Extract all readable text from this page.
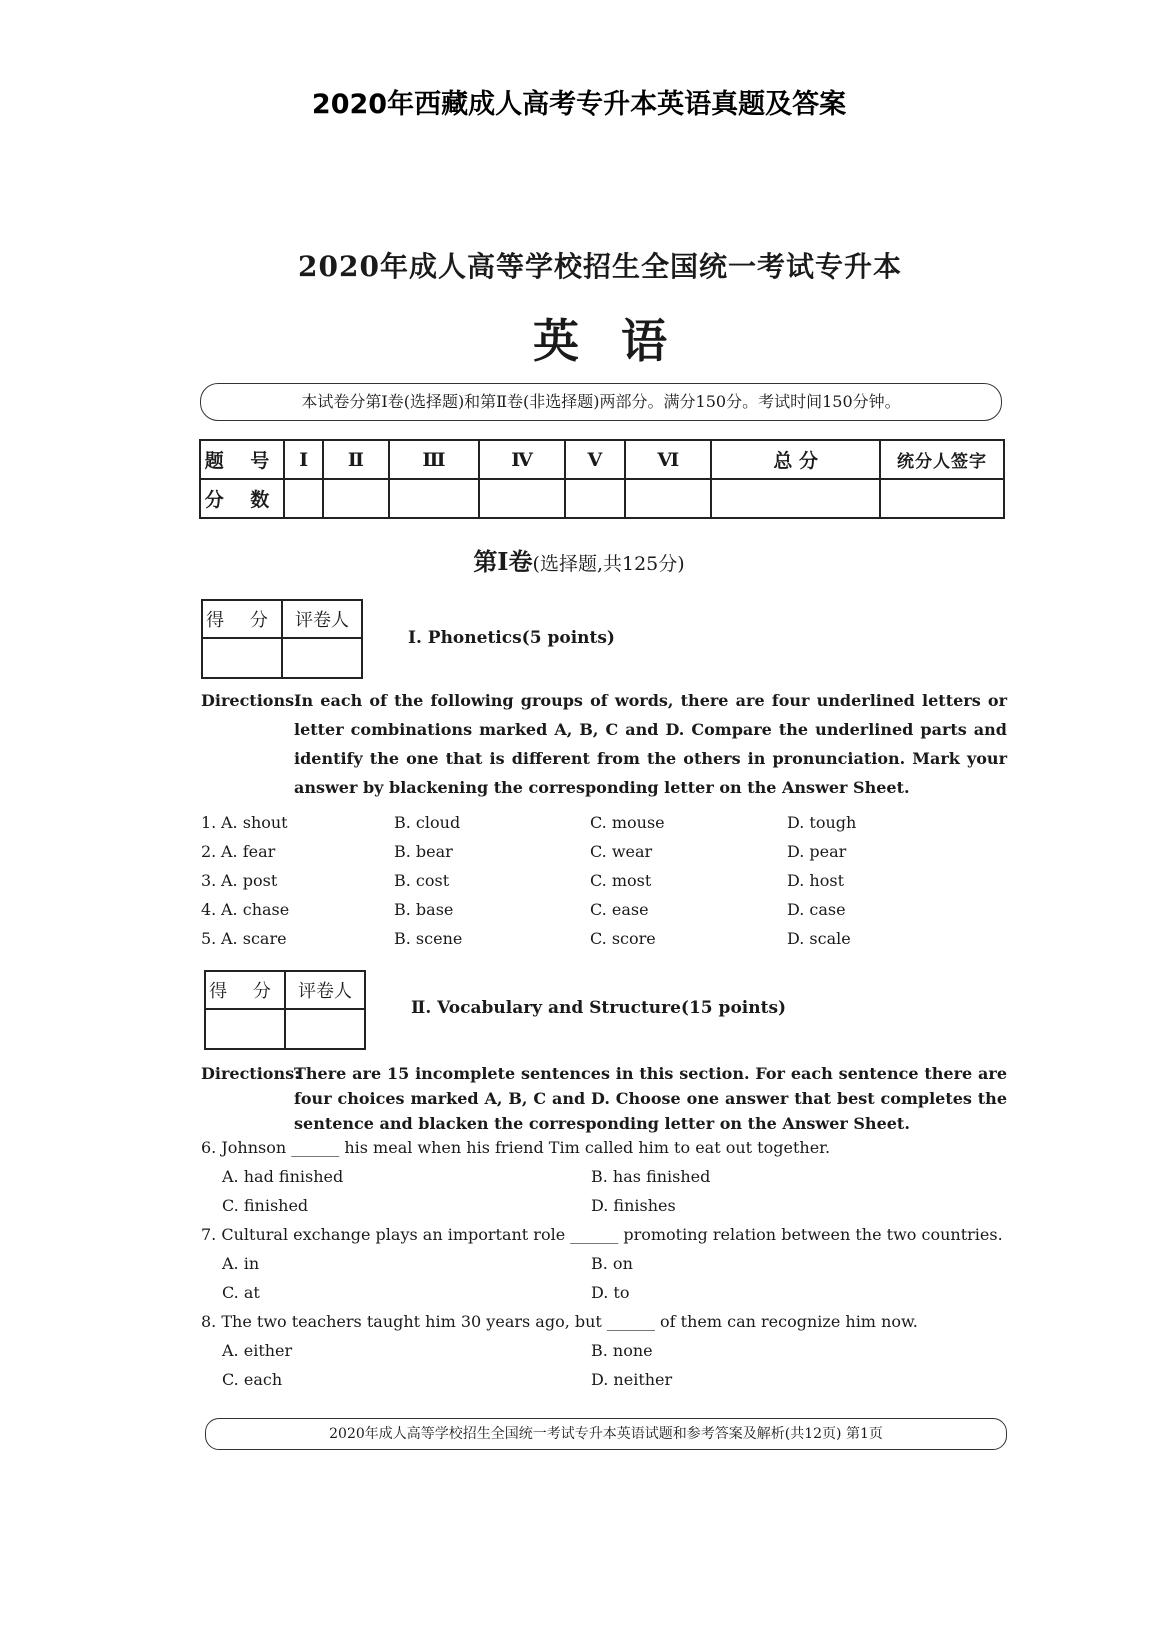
2020年西藏成人高考专升本英语真题及答案
2020年成人高等学校招生全国统一考试专升本
英语
本试卷分第Ⅰ卷(选择题)和第Ⅱ卷(非选择题)两部分。满分150分。考试时间150分钟。
题 号	Ⅰ	Ⅱ	Ⅲ	Ⅳ	Ⅴ	Ⅵ	总 分	统分人签字
分 数								
第Ⅰ卷(选择题,共125分)
得 分	评卷人

Ⅰ. Phonetics(5 points)
Directions:
In each of the following groups of words, there are four underlined letters or letter combinations marked A, B, C and D. Compare the underlined parts and identify the one that is different from the others in pronunciation. Mark your answer by blackening the corresponding letter on the Answer Sheet.
1. A. shout	B. cloud	C. mouse	D. tough
2. A. fear	B. bear	C. wear	D. pear
3. A. post	B. cost	C. most	D. host
4. A. chase	B. base	C. ease	D. case
5. A. scare	B. scene	C. score	D. scale
得 分	评卷人

Ⅱ. Vocabulary and Structure(15 points)
Directions:
There are 15 incomplete sentences in this section. For each sentence there are four choices marked A, B, C and D. Choose one answer that best completes the sentence and blacken the corresponding letter on the Answer Sheet.
6. Johnson ______ his meal when his friend Tim called him to eat out together.
A. had finished	B. has finished
C. finished	D. finishes
7. Cultural exchange plays an important role ______ promoting relation between the two countries.
A. in	B. on
C. at	D. to
8. The two teachers taught him 30 years ago, but ______ of them can recognize him now.
A. either	B. none
C. each	D. neither
2020年成人高等学校招生全国统一考试专升本英语试题和参考答案及解析(共12页) 第1页
